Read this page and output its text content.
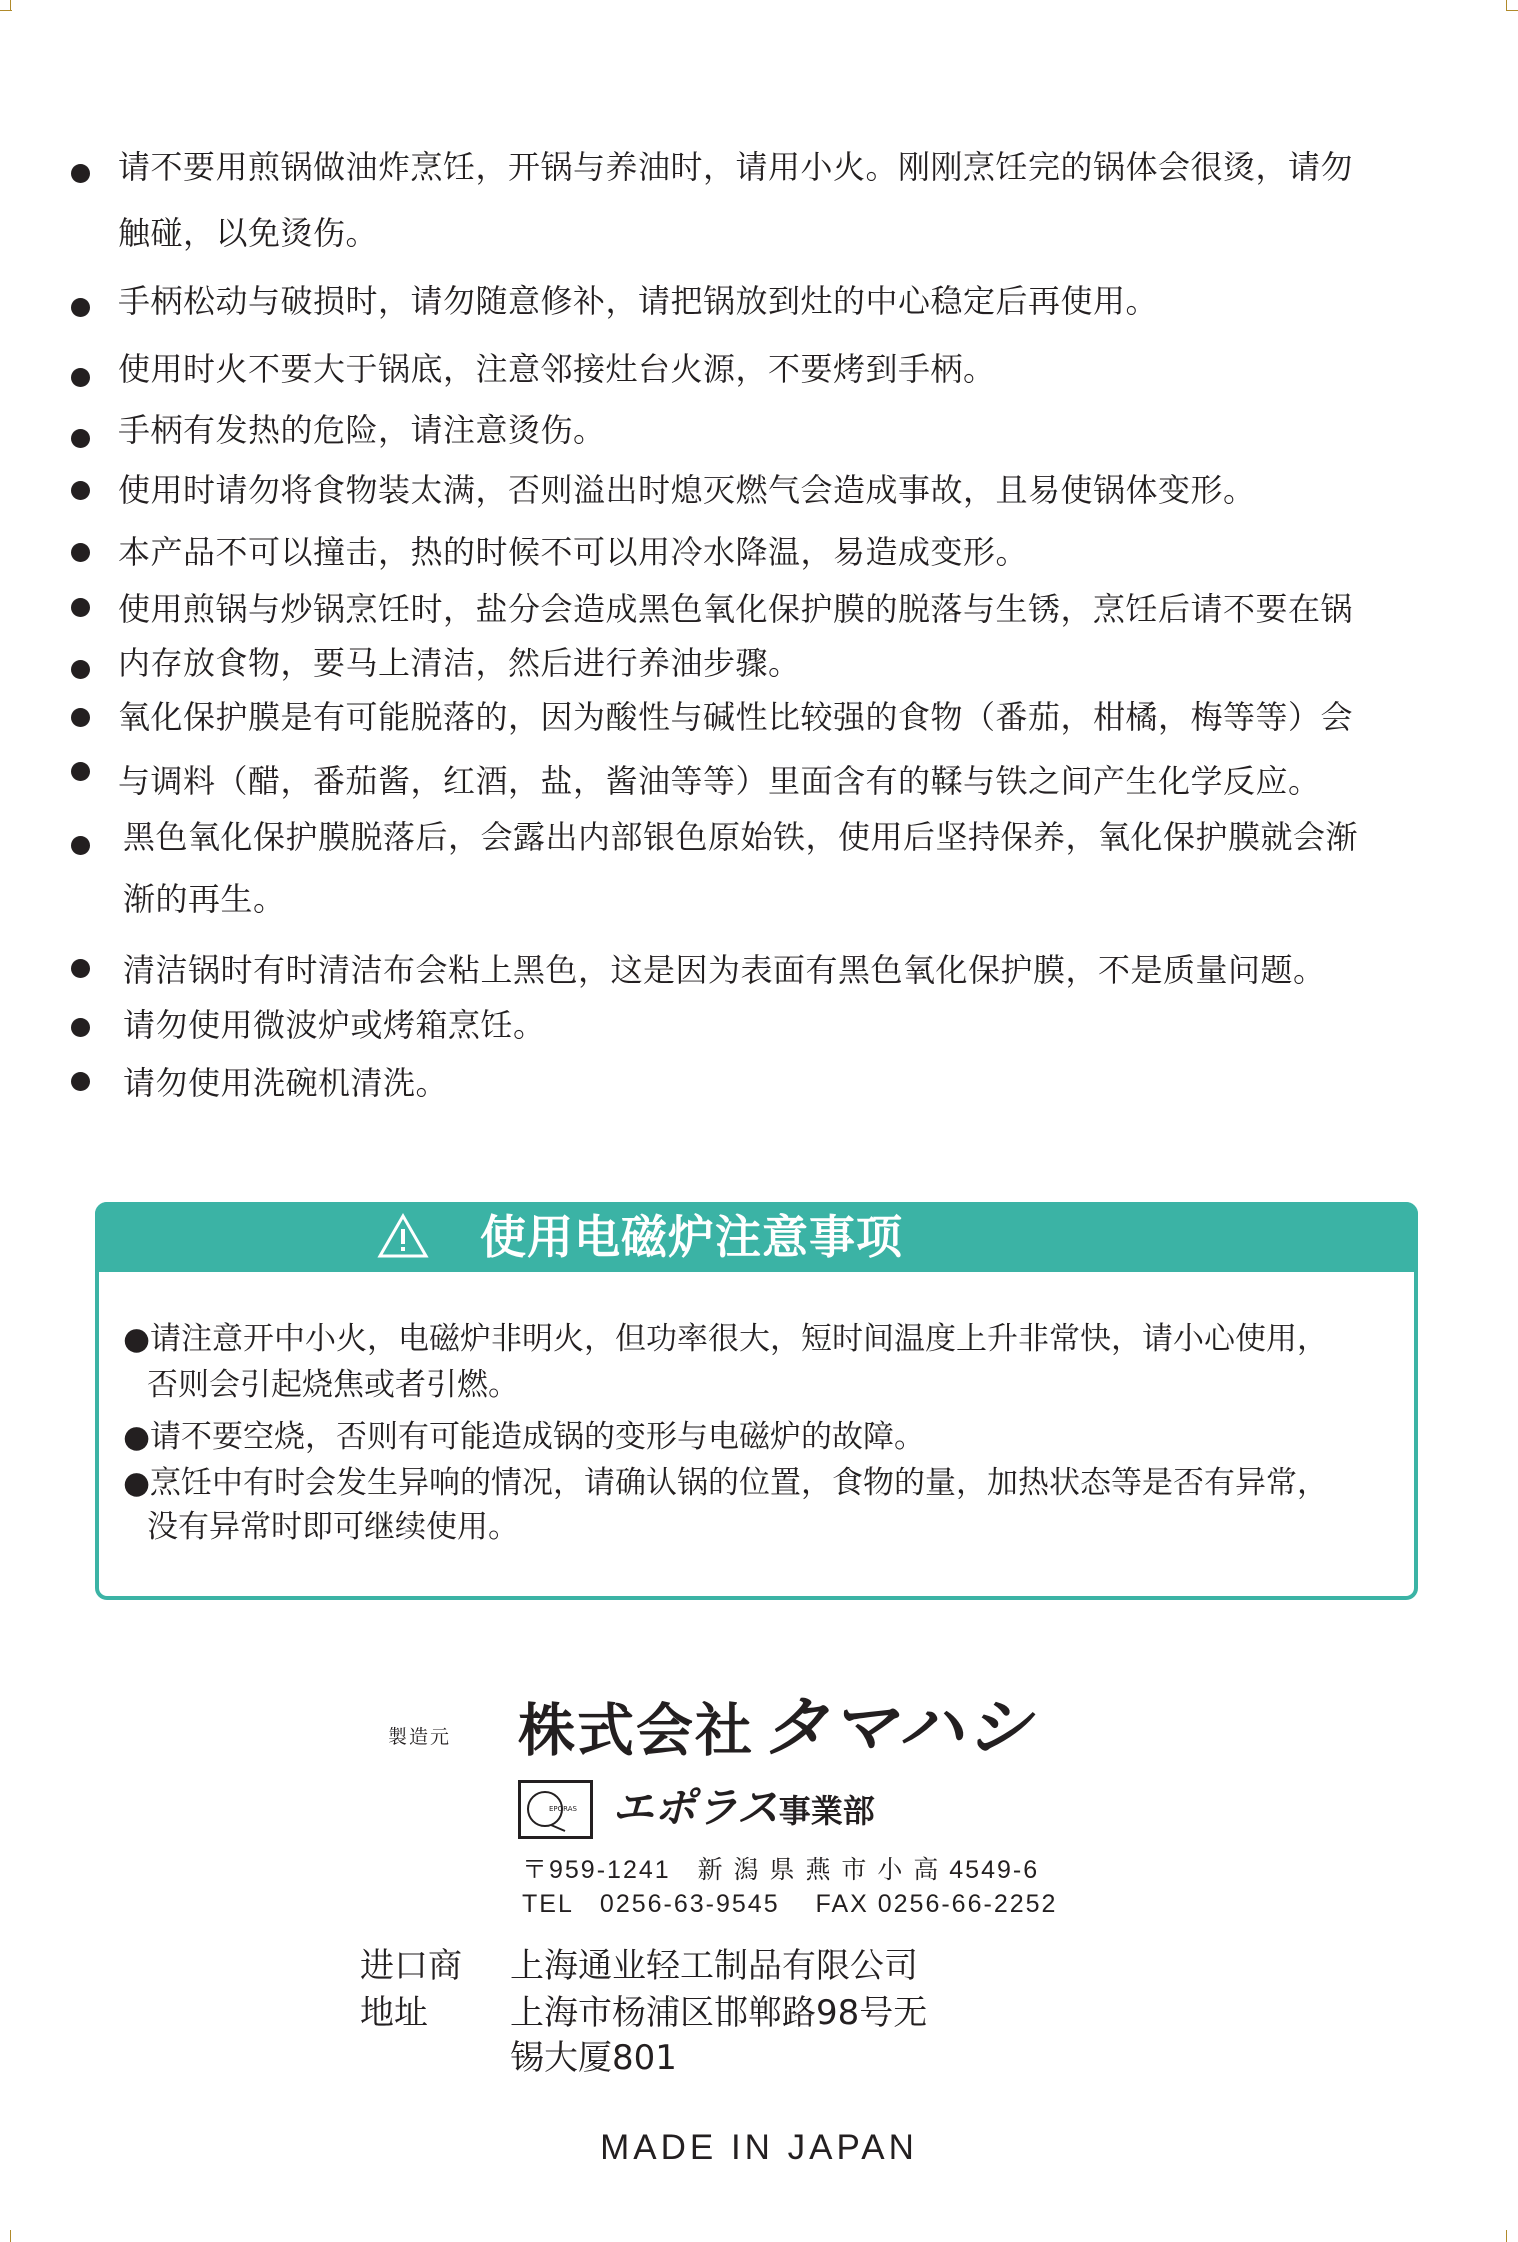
请不要用煎锅做油炸烹饪，开锅与养油时，请用小火。刚刚烹饪完的锅体会很烫，请勿
触碰，以免烫伤。
手柄松动与破损时，请勿随意修补，请把锅放到灶的中心稳定后再使用。
使用时火不要大于锅底，注意邻接灶台火源，不要烤到手柄。
手柄有发热的危险，请注意烫伤。
使用时请勿将食物装太满，否则溢出时熄灭燃气会造成事故，且易使锅体变形。
本产品不可以撞击，热的时候不可以用冷水降温，易造成变形。
使用煎锅与炒锅烹饪时，盐分会造成黑色氧化保护膜的脱落与生锈，烹饪后请不要在锅
内存放食物，要马上清洁，然后进行养油步骤。
氧化保护膜是有可能脱落的，因为酸性与碱性比较强的食物（番茄，柑橘，梅等等）会
与调料（醋，番茄酱，红酒，盐，酱油等等）里面含有的鞣与铁之间产生化学反应。
黑色氧化保护膜脱落后，会露出内部银色原始铁，使用后坚持保养，氧化保护膜就会渐
渐的再生。
清洁锅时有时清洁布会粘上黑色，这是因为表面有黑色氧化保护膜，不是质量问题。
请勿使用微波炉或烤箱烹饪。
请勿使用洗碗机清洗。
使用电磁炉注意事项
●请注意开中小火，电磁炉非明火，但功率很大，短时间温度上升非常快，请小心使用，
否则会引起烧焦或者引燃。
●请不要空烧，否则有可能造成锅的变形与电磁炉的故障。
●烹饪中有时会发生异响的情况，请确认锅的位置，食物的量，加热状态等是否有异常，
没有异常时即可继续使用。
製造元 株式会社 タマハシ
EPORAS エポラス事業部
〒959-1241　新 潟 県 燕 市 小 高 4549-6
TEL　0256-63-9545　 FAX 0256-66-2252
进口商
地址
上海通业轻工制品有限公司
上海市杨浦区邯郸路98号无
锡大厦801
MADE IN JAPAN
